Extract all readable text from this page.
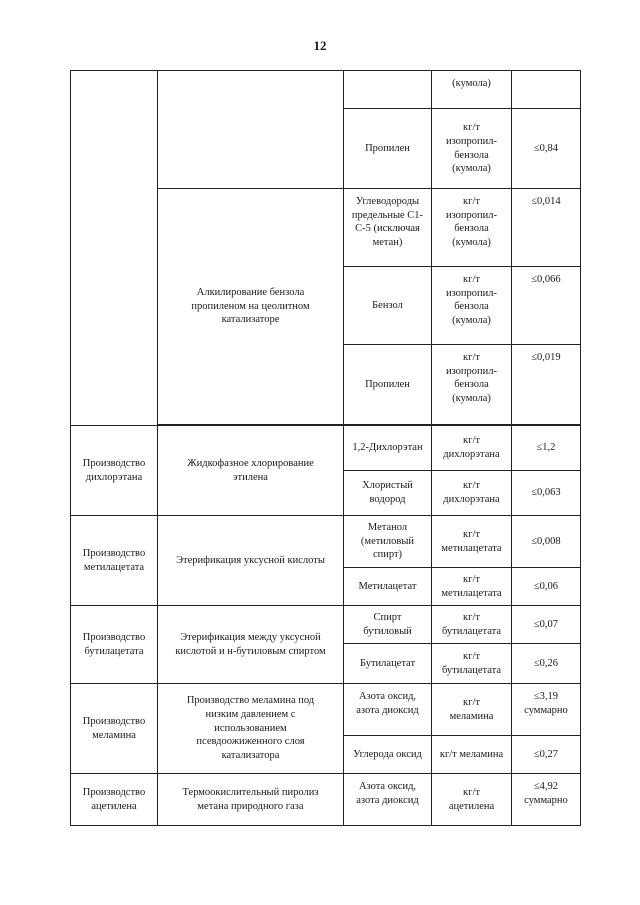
12
			(кумола)	
		Пропилен	кг/т
изопропил-
бензола
(кумола)	≤0,84
	Алкилирование бензола
пропиленом на цеолитном
катализаторе	Углеводороды
предельные С1-
С-5 (исключая
метан)	кг/т
изопропил-
бензола
(кумола)	≤0,014
		Бензол	кг/т
изопропил-
бензола
(кумола)	≤0,066
		Пропилен	кг/т
изопропил-
бензола
(кумола)	≤0,019

Производство
дихлорэтана	Жидкофазное хлорирование
этилена	1,2-Дихлорэтан	кг/т
дихлорэтана	≤1,2
		Хлористый
водород	кг/т
дихлорэтана	≤0,063
Производство
метилацетата	Этерификация уксусной кислоты	Метанол
(метиловый
спирт)	кг/т
метилацетата	≤0,008
		Метилацетат	кг/т
метилацетата	≤0,06
Производство
бутилацетата	Этерификация между уксусной
кислотой и н-бутиловым спиртом	Спирт
бутиловый	кг/т
бутилацетата	≤0,07
		Бутилацетат	кг/т
бутилацетата	≤0,26
Производство
меламина	Производство меламина под
низким давлением с
использованием
псевдоожиженного слоя
катализатора	Азота оксид,
азота диоксид	кг/т
меламина	≤3,19
суммарно
		Углерода оксид	кг/т меламина	≤0,27
Производство
ацетилена	Термоокислительный пиролиз
метана природного газа	Азота оксид,
азота диоксид	кг/т
ацетилена	≤4,92
суммарно
